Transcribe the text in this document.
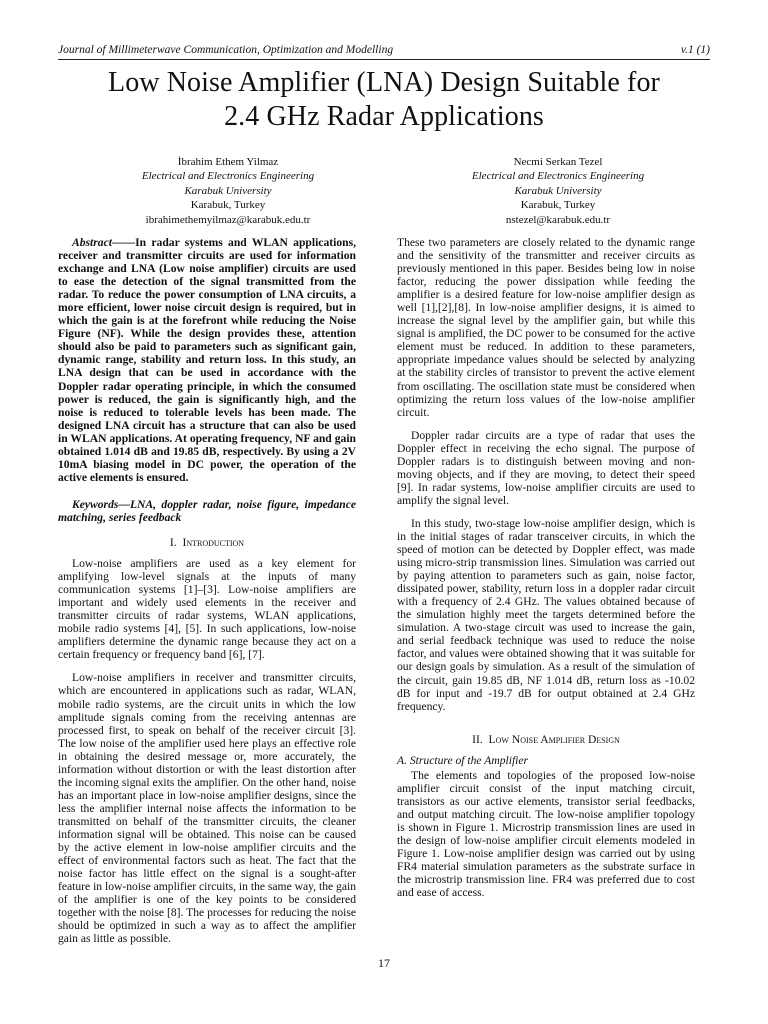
Journal of Millimeterwave Communication, Optimization and Modelling	v.1 (1)
Low Noise Amplifier (LNA) Design Suitable for
2.4 GHz Radar Applications
İbrahim Ethem Yilmaz
Electrical and Electronics Engineering
Karabuk University
Karabuk, Turkey
ibrahimethemyilmaz@karabuk.edu.tr
Necmi Serkan Tezel
Electrical and Electronics Engineering
Karabuk University
Karabuk, Turkey
nstezel@karabuk.edu.tr

Abstract——In radar systems and WLAN applications, receiver and transmitter circuits are used for information exchange and LNA (Low noise amplifier) circuits are used to ease the detection of the signal transmitted from the radar. To reduce the power consumption of LNA circuits, a more efficient, lower noise circuit design is required, but in which the gain is at the forefront while reducing the Noise Figure (NF). While the design provides these, attention should also be paid to parameters such as significant gain, dynamic range, stability and return loss. In this study, an LNA design that can be used in accordance with the Doppler radar operating principle, in which the consumed power is reduced, the gain is significantly high, and the noise is reduced to tolerable levels has been made. The designed LNA circuit has a structure that can also be used in WLAN applications. At operating frequency, NF and gain obtained 1.014 dB and 19.85 dB, respectively. By using a 2V 10mA biasing model in DC power, the operation of the active elements is ensured.

Keywords—LNA, doppler radar, noise figure, impedance matching, series feedback

I. Introduction

Low-noise amplifiers are used as a key element for amplifying low-level signals at the inputs of many communication systems [1]–[3]. Low-noise amplifiers are important and widely used elements in the receiver and transmitter circuits of radar systems, WLAN applications, mobile radio systems [4], [5]. In such applications, low-noise amplifiers determine the dynamic range because they act on a certain frequency or frequency band [6], [7].

Low-noise amplifiers in receiver and transmitter circuits, which are encountered in applications such as radar, WLAN, mobile radio systems, are the circuit units in which the low amplitude signals coming from the receiving antennas are processed first, to speak on behalf of the receiver circuit [3]. The low noise of the amplifier used here plays an effective role in obtaining the desired message or, more accurately, the information without distortion or with the least distortion after the incoming signal exits the amplifier. On the other hand, noise has an important place in low-noise amplifier designs, since the less the amplifier internal noise affects the information to be transmitted on behalf of the transmitter circuits, the cleaner information signal will be obtained. This noise can be caused by the active element in low-noise amplifier circuits and the effect of environmental factors such as heat. The fact that the noise factor has little effect on the signal is a sought-after feature in low-noise amplifier circuits, in the same way, the gain of the amplifier is one of the key points to be considered together with the noise [8]. The processes for reducing the noise should be optimized in such a way as to affect the amplifier gain as little as possible.

These two parameters are closely related to the dynamic range and the sensitivity of the transmitter and receiver circuits as previously mentioned in this paper. Besides being low in noise factor, reducing the power dissipation while feeding the amplifier is a desired feature for low-noise amplifier design as well [1],[2],[8]. In low-noise amplifier designs, it is aimed to increase the signal level by the amplifier gain, but while this signal is amplified, the DC power to be consumed for the active element must be reduced. In addition to these parameters, appropriate impedance values should be selected by analyzing at the stability circles of transistor to prevent the active element from oscillating. The oscillation state must be considered when optimizing the return loss values of the low-noise amplifier circuit.

Doppler radar circuits are a type of radar that uses the Doppler effect in receiving the echo signal. The purpose of Doppler radars is to distinguish between moving and non-moving objects, and if they are moving, to detect their speed [9]. In radar systems, low-noise amplifier circuits are used to amplify the signal level.

In this study, two-stage low-noise amplifier design, which is in the initial stages of radar transceiver circuits, in which the speed of motion can be detected by Doppler effect, was made using micro-strip transmission lines. Simulation was carried out by paying attention to parameters such as gain, noise factor, dissipated power, stability, return loss in a doppler radar circuit with a frequency of 2.4 GHz. The values obtained because of the simulation highly meet the targets determined before the simulation. A two-stage circuit was used to increase the gain, and serial feedback technique was used to reduce the noise factor, and values were obtained showing that it was suitable for our design goals by simulation. As a result of the simulation of the circuit, gain 19.85 dB, NF 1.014 dB, return loss as -10.02 dB for input and -19.7 dB for output obtained at 2.4 GHz frequency.

II. Low Noise Amplifier Design

A. Structure of the Amplifier

The elements and topologies of the proposed low-noise amplifier circuit consist of the input matching circuit, transistors as our active elements, transistor serial feedbacks, and output matching circuit. The low-noise amplifier topology is shown in Figure 1. Microstrip transmission lines are used in the design of low-noise amplifier circuit elements modeled in Figure 1. Low-noise amplifier design was carried out by using FR4 material simulation parameters as the substrate surface in the microstrip transmission line. FR4 was preferred due to cost and ease of access.

17
